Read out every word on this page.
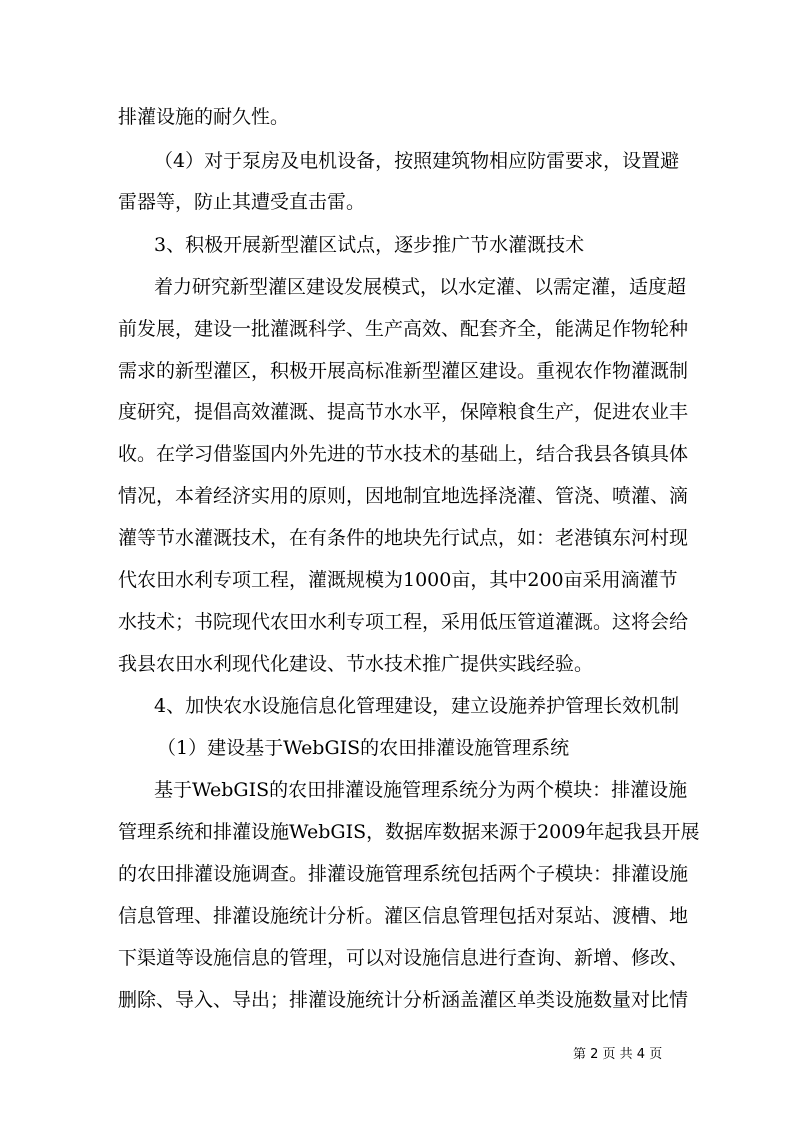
排灌设施的耐久性。
（4）对于泵房及电机设备，按照建筑物相应防雷要求，设置避
雷器等，防止其遭受直击雷。
3、积极开展新型灌区试点，逐步推广节水灌溉技术
着力研究新型灌区建设发展模式，以水定灌、以需定灌，适度超
前发展，建设一批灌溉科学、生产高效、配套齐全，能满足作物轮种
需求的新型灌区，积极开展高标准新型灌区建设。重视农作物灌溉制
度研究，提倡高效灌溉、提高节水水平，保障粮食生产，促进农业丰
收。在学习借鉴国内外先进的节水技术的基础上，结合我县各镇具体
情况，本着经济实用的原则，因地制宜地选择浇灌、管浇、喷灌、滴
灌等节水灌溉技术，在有条件的地块先行试点，如：老港镇东河村现
代农田水利专项工程，灌溉规模为1000亩，其中200亩采用滴灌节
水技术；书院现代农田水利专项工程，采用低压管道灌溉。这将会给
我县农田水利现代化建设、节水技术推广提供实践经验。
4、加快农水设施信息化管理建设，建立设施养护管理长效机制
（1）建设基于WebGIS的农田排灌设施管理系统
基于WebGIS的农田排灌设施管理系统分为两个模块：排灌设施
管理系统和排灌设施WebGIS，数据库数据来源于2009年起我县开展
的农田排灌设施调查。排灌设施管理系统包括两个子模块：排灌设施
信息管理、排灌设施统计分析。灌区信息管理包括对泵站、渡槽、地
下渠道等设施信息的管理，可以对设施信息进行查询、新增、修改、
删除、导入、导出；排灌设施统计分析涵盖灌区单类设施数量对比情
第 2 页 共 4 页
